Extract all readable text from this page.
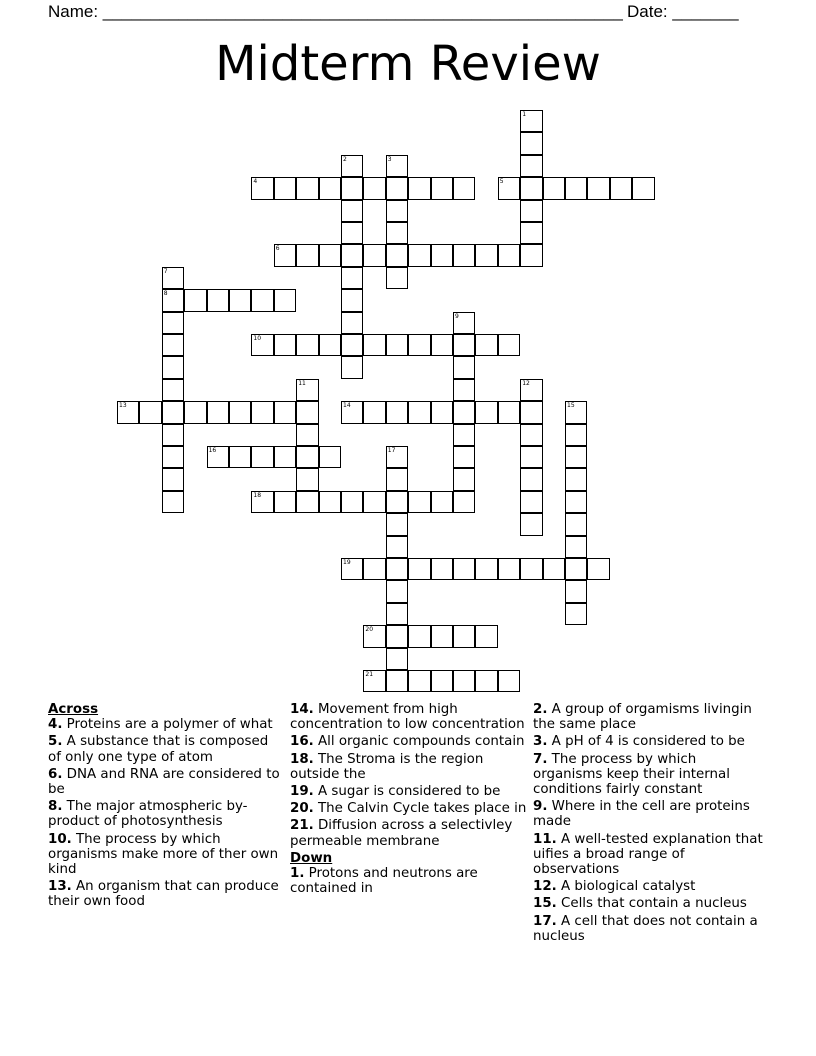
Name: _______________________________________________________ Date: _______
Midterm Review
4	5
6
8
10
13	14
16
18
19
20
21
1
2	3
7
9
11	12
15
17
Across
4. Proteins are a polymer of what
5. A substance that is composed of only one type of atom
6. DNA and RNA are considered to be
8. The major atmospheric by-product of photosynthesis
10. The process by which organisms make more of ther own kind
13. An organism that can produce their own food
14. Movement from high concentration to low concentration
16. All organic compounds contain
18. The Stroma is the region outside the
19. A sugar is considered to be
20. The Calvin Cycle takes place in
21. Diffusion across a selectivley permeable membrane
Down
1. Protons and neutrons are contained in
2. A group of orgamisms livingin the same place
3. A pH of 4 is considered to be
7. The process by which organisms keep their internal conditions fairly constant
9. Where in the cell are proteins made
11. A well-tested explanation that uifies a broad range of observations
12. A biological catalyst
15. Cells that contain a nucleus
17. A cell that does not contain a nucleus
